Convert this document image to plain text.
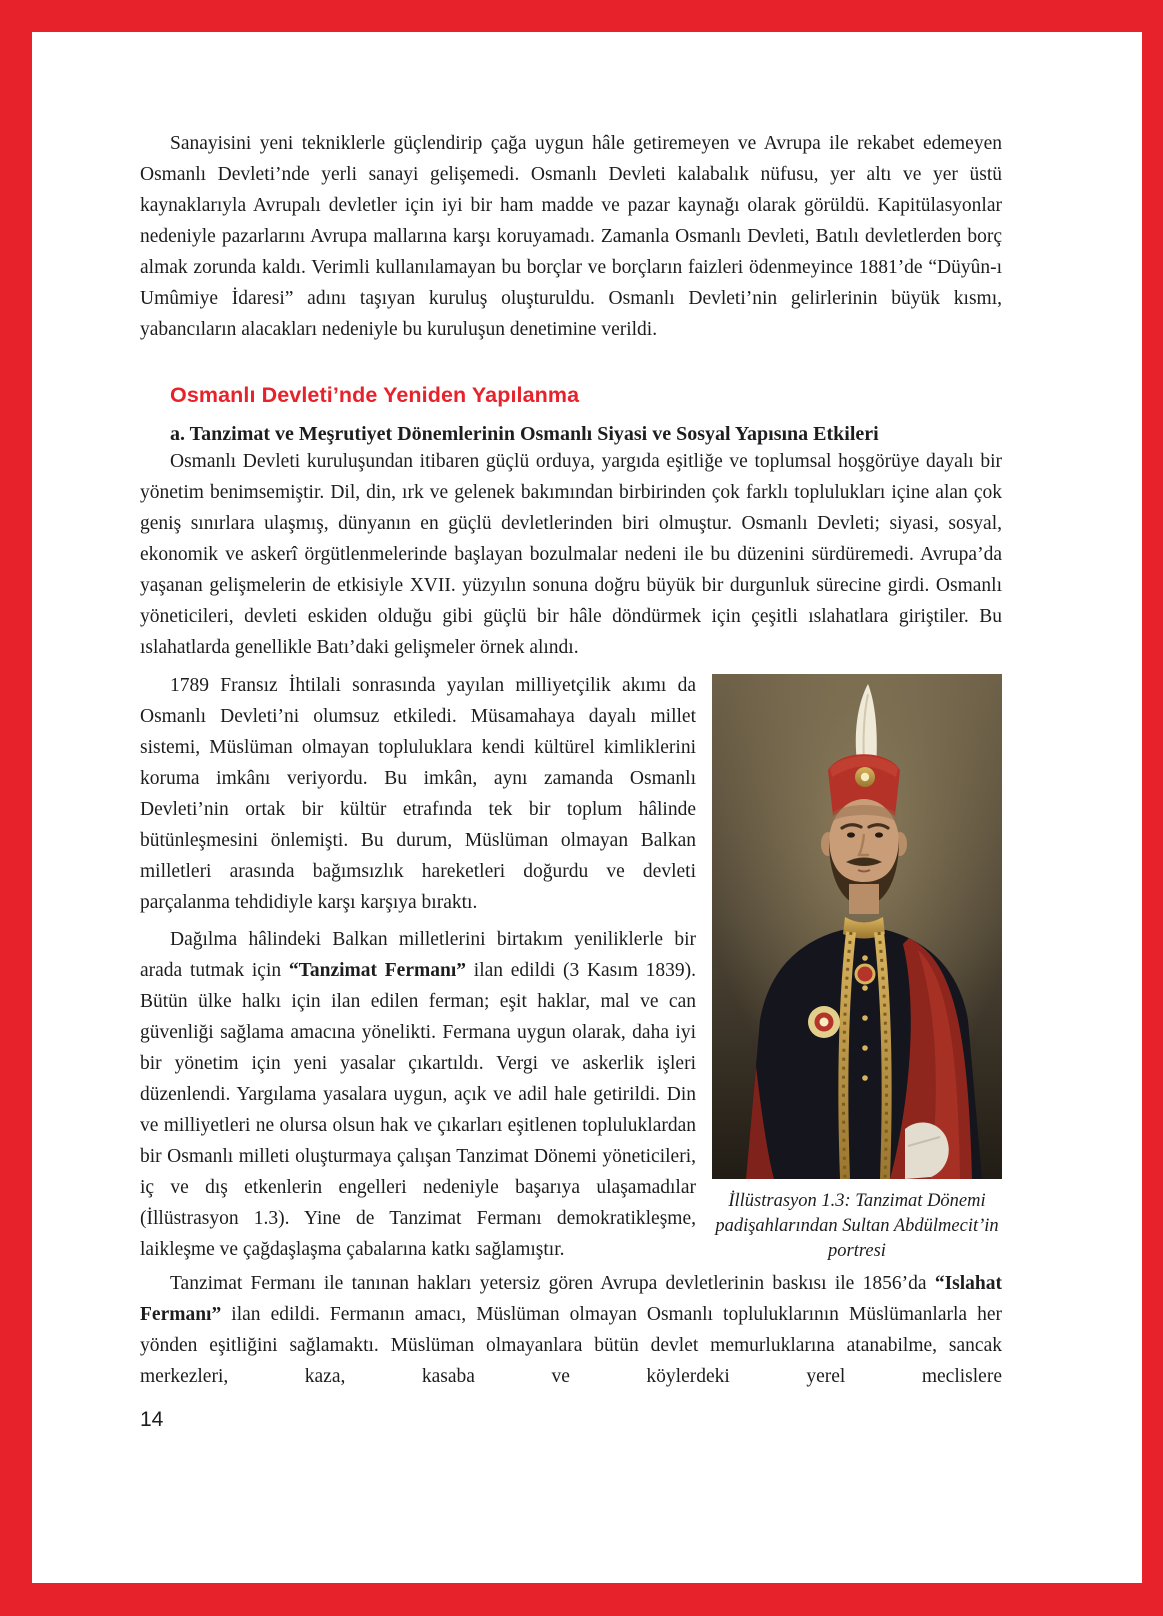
Sanayisini yeni tekniklerle güçlendirip çağa uygun hâle getiremeyen ve Avrupa ile rekabet edemeyen Osmanlı Devleti’nde yerli sanayi gelişemedi. Osmanlı Devleti kalabalık nüfusu, yer altı ve yer üstü kaynaklarıyla Avrupalı devletler için iyi bir ham madde ve pazar kaynağı olarak görüldü. Kapitülasyonlar nedeniyle pazarlarını Avrupa mallarına karşı koruyamadı. Zamanla Osmanlı Devleti, Batılı devletlerden borç almak zorunda kaldı. Verimli kullanılamayan bu borçlar ve borçların faizleri ödenmeyince 1881’de “Düyûn-ı Umûmiye İdaresi” adını taşıyan kuruluş oluşturuldu. Osmanlı Devleti’nin gelirlerinin büyük kısmı, yabancıların alacakları nedeniyle bu kuruluşun denetimine verildi.

Osmanlı Devleti’nde Yeniden Yapılanma
a. Tanzimat ve Meşrutiyet Dönemlerinin Osmanlı Siyasi ve Sosyal Yapısına Etkileri

Osmanlı Devleti kuruluşundan itibaren güçlü orduya, yargıda eşitliğe ve toplumsal hoşgörüye dayalı bir yönetim benimsemiştir. Dil, din, ırk ve gelenek bakımından birbirinden çok farklı toplulukları içine alan çok geniş sınırlara ulaşmış, dünyanın en güçlü devletlerinden biri olmuştur. Osmanlı Devleti; siyasi, sosyal, ekonomik ve askerî örgütlenmelerinde başlayan bozulmalar nedeni ile bu düzenini sürdüremedi. Avrupa’da yaşanan gelişmelerin de etkisiyle XVII. yüzyılın sonuna doğru büyük bir durgunluk sürecine girdi. Osmanlı yöneticileri, devleti eskiden olduğu gibi güçlü bir hâle döndürmek için çeşitli ıslahatlara giriştiler. Bu ıslahatlarda genellikle Batı’daki gelişmeler örnek alındı.

İllüstrasyon 1.3: Tanzimat Dönemi padişahlarından Sultan Abdülmecit’in portresi

1789 Fransız İhtilali sonrasında yayılan milliyetçilik akımı da Osmanlı Devleti’ni olumsuz etkiledi. Müsamahaya dayalı millet sistemi, Müslüman olmayan topluluklara kendi kültürel kimliklerini koruma imkânı veriyordu. Bu imkân, aynı zamanda Osmanlı Devleti’nin ortak bir kültür etrafında tek bir toplum hâlinde bütünleşmesini önlemişti. Bu durum, Müslüman olmayan Balkan milletleri arasında bağımsızlık hareketleri doğurdu ve devleti parçalanma tehdidiyle karşı karşıya bıraktı.

Dağılma hâlindeki Balkan milletlerini birtakım yeniliklerle bir arada tutmak için “Tanzimat Fermanı” ilan edildi (3 Kasım 1839). Bütün ülke halkı için ilan edilen ferman; eşit haklar, mal ve can güvenliği sağlama amacına yönelikti. Fermana uygun olarak, daha iyi bir yönetim için yeni yasalar çıkartıldı. Vergi ve askerlik işleri düzenlendi. Yargılama yasalara uygun, açık ve adil hale getirildi. Din ve milliyetleri ne olursa olsun hak ve çıkarları eşitlenen topluluklardan bir Osmanlı milleti oluşturmaya çalışan Tanzimat Dönemi yöneticileri, iç ve dış etkenlerin engelleri nedeniyle başarıya ulaşamadılar (İllüstrasyon 1.3). Yine de Tanzimat Fermanı demokratikleşme, laikleşme ve çağdaşlaşma çabalarına katkı sağlamıştır.

Tanzimat Fermanı ile tanınan hakları yetersiz gören Avrupa devletlerinin baskısı ile 1856’da “Islahat Fermanı” ilan edildi. Fermanın amacı, Müslüman olmayan Osmanlı topluluklarının Müslümanlarla her yönden eşitliğini sağlamaktı. Müslüman olmayanlara bütün devlet memurluklarına atanabilme, sancak merkezleri, kaza, kasaba ve köylerdeki yerel meclislere

14
